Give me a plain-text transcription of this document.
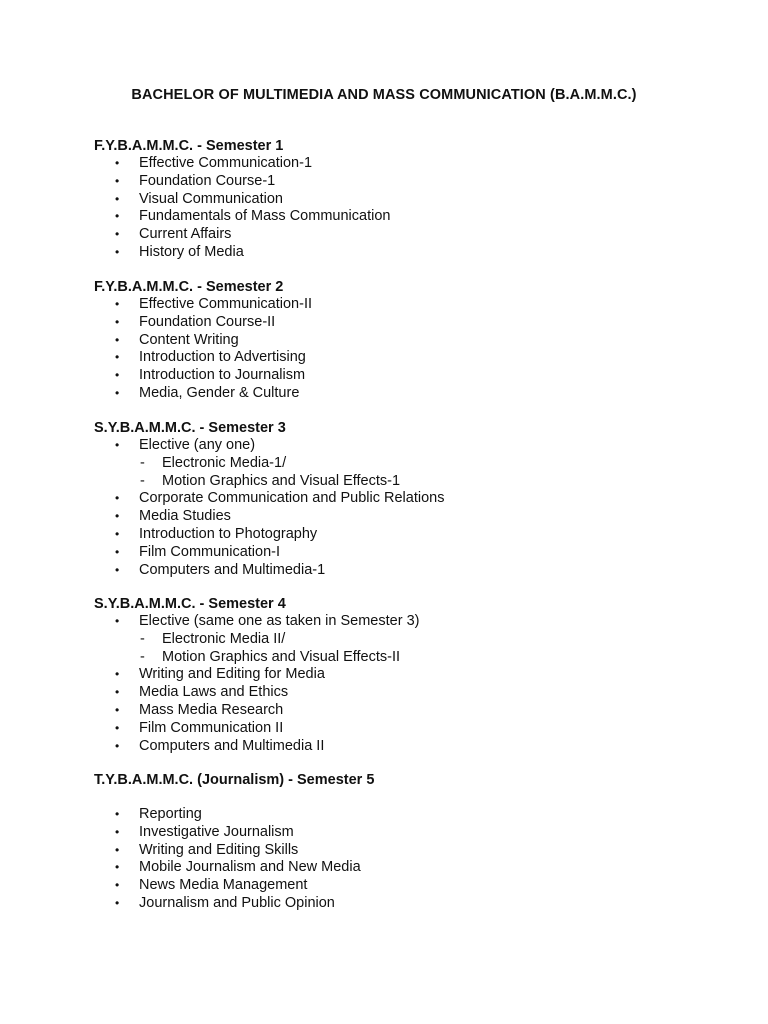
BACHELOR OF MULTIMEDIA AND MASS COMMUNICATION (B.A.M.M.C.)
F.Y.B.A.M.M.C. - Semester 1
• Effective Communication-1
• Foundation Course-1
• Visual Communication
• Fundamentals of Mass Communication
• Current Affairs
• History of Media
F.Y.B.A.M.M.C. - Semester 2
• Effective Communication-II
• Foundation Course-II
• Content Writing
• Introduction to Advertising
• Introduction to Journalism
• Media, Gender & Culture
S.Y.B.A.M.M.C. - Semester 3
• Elective (any one)
- Electronic Media-1/
- Motion Graphics and Visual Effects-1
• Corporate Communication and Public Relations
• Media Studies
• Introduction to Photography
• Film Communication-I
• Computers and Multimedia-1
S.Y.B.A.M.M.C. - Semester 4
• Elective (same one as taken in Semester 3)
- Electronic Media II/
- Motion Graphics and Visual Effects-II
• Writing and Editing for Media
• Media Laws and Ethics
• Mass Media Research
• Film Communication II
• Computers and Multimedia II
T.Y.B.A.M.M.C. (Journalism) - Semester 5
• Reporting
• Investigative Journalism
• Writing and Editing Skills
• Mobile Journalism and New Media
• News Media Management
• Journalism and Public Opinion
